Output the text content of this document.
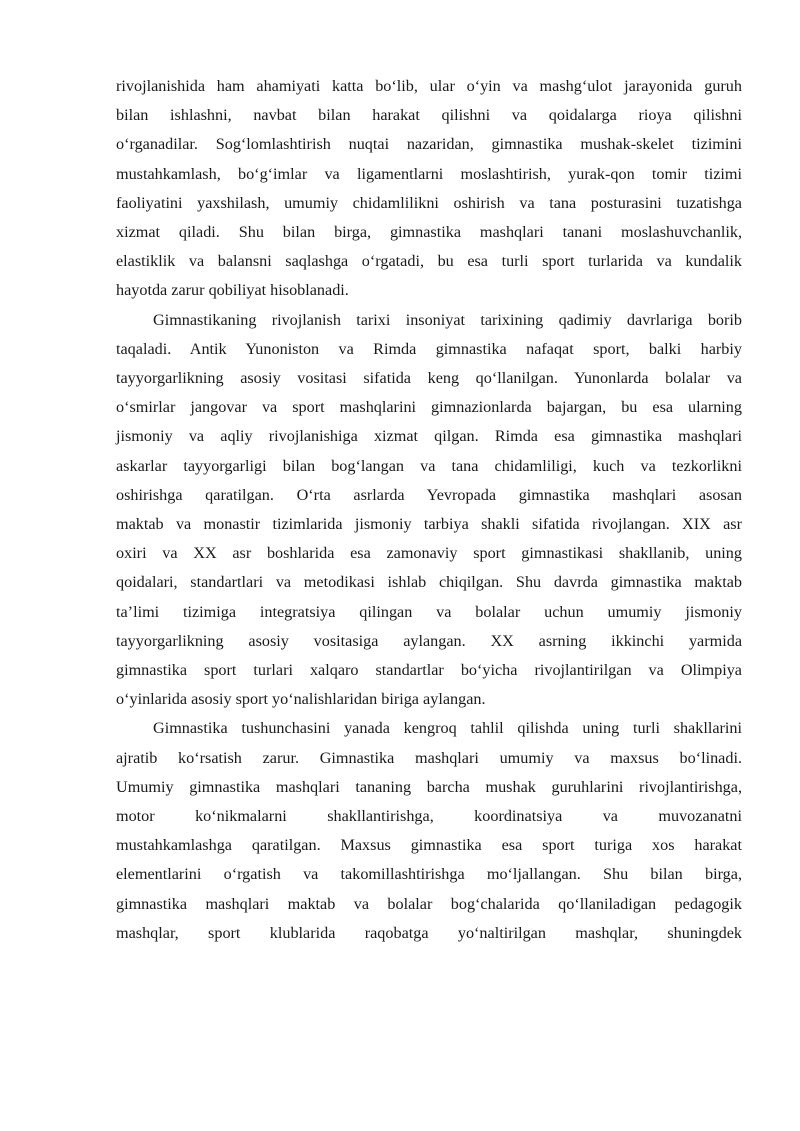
rivojlanishida ham ahamiyati katta bo‘lib, ular o‘yin va mashg‘ulot jarayonida guruh
bilan ishlashni, navbat bilan harakat qilishni va qoidalarga rioya qilishni
o‘rganadilar. Sog‘lomlashtirish nuqtai nazaridan, gimnastika mushak-skelet tizimini
mustahkamlash, bo‘g‘imlar va ligamentlarni moslashtirish, yurak-qon tomir tizimi
faoliyatini yaxshilash, umumiy chidamlilikni oshirish va tana posturasini tuzatishga
xizmat qiladi. Shu bilan birga, gimnastika mashqlari tanani moslashuvchanlik,
elastiklik va balansni saqlashga o‘rgatadi, bu esa turli sport turlarida va kundalik
hayotda zarur qobiliyat hisoblanadi.
Gimnastikaning rivojlanish tarixi insoniyat tarixining qadimiy davrlariga borib
taqaladi. Antik Yunoniston va Rimda gimnastika nafaqat sport, balki harbiy
tayyorgarlikning asosiy vositasi sifatida keng qo‘llanilgan. Yunonlarda bolalar va
o‘smirlar jangovar va sport mashqlarini gimnazionlarda bajargan, bu esa ularning
jismoniy va aqliy rivojlanishiga xizmat qilgan. Rimda esa gimnastika mashqlari
askarlar tayyorgarligi bilan bog‘langan va tana chidamliligi, kuch va tezkorlikni
oshirishga qaratilgan. O‘rta asrlarda Yevropada gimnastika mashqlari asosan
maktab va monastir tizimlarida jismoniy tarbiya shakli sifatida rivojlangan. XIX asr
oxiri va XX asr boshlarida esa zamonaviy sport gimnastikasi shakllanib, uning
qoidalari, standartlari va metodikasi ishlab chiqilgan. Shu davrda gimnastika maktab
ta’limi tizimiga integratsiya qilingan va bolalar uchun umumiy jismoniy
tayyorgarlikning asosiy vositasiga aylangan. XX asrning ikkinchi yarmida
gimnastika sport turlari xalqaro standartlar bo‘yicha rivojlantirilgan va Olimpiya
o‘yinlarida asosiy sport yo‘nalishlaridan biriga aylangan.
Gimnastika tushunchasini yanada kengroq tahlil qilishda uning turli shakllarini
ajratib ko‘rsatish zarur. Gimnastika mashqlari umumiy va maxsus bo‘linadi.
Umumiy gimnastika mashqlari tananing barcha mushak guruhlarini rivojlantirishga,
motor ko‘nikmalarni shakllantirishga, koordinatsiya va muvozanatni
mustahkamlashga qaratilgan. Maxsus gimnastika esa sport turiga xos harakat
elementlarini o‘rgatish va takomillashtirishga mo‘ljallangan. Shu bilan birga,
gimnastika mashqlari maktab va bolalar bog‘chalarida qo‘llaniladigan pedagogik
mashqlar, sport klublarida raqobatga yo‘naltirilgan mashqlar, shuningdek
